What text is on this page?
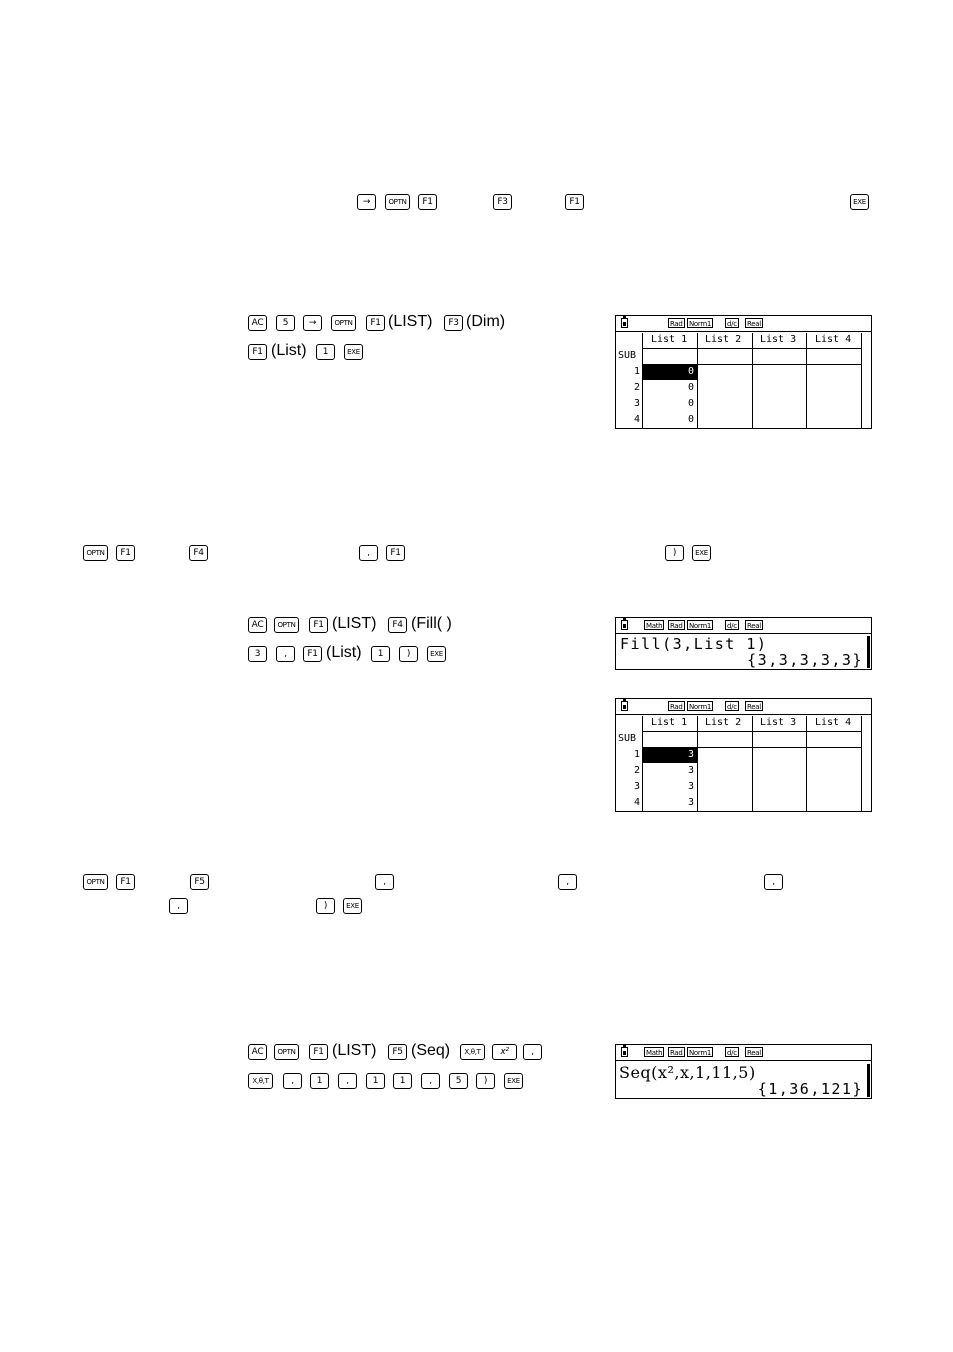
→	OPTN	F1	F3	F1	EXE
AC	5	→	OPTN	F1 (LIST)	F3 (Dim)
F1 (List)	1	EXE
Rad Norm1 d/c Real
List 1 List 2 List 3 List 4
SUB
1	0
2	0
3	0
4	0
OPTN	F1	F4	,	F1	)	EXE
AC	OPTN	F1 (LIST)	F4 (Fill( )
3	,	F1 (List)	1	)	EXE
Math Rad Norm1 d/c Real
Fill(3,List 1)
{3,3,3,3,3}
Rad Norm1 d/c Real
List 1 List 2 List 3 List 4
SUB
1	3
2	3
3	3
4	3
OPTN	F1	F5	,	,	,
,	)	EXE
AC	OPTN	F1 (LIST)	F5 (Seq)	X,θ,T	x²	,
X,θ,T	,	1	,	1	1	,	5	)	EXE
Math Rad Norm1 d/c Real
Seq(x²,x,1,11,5)
{1,36,121}
